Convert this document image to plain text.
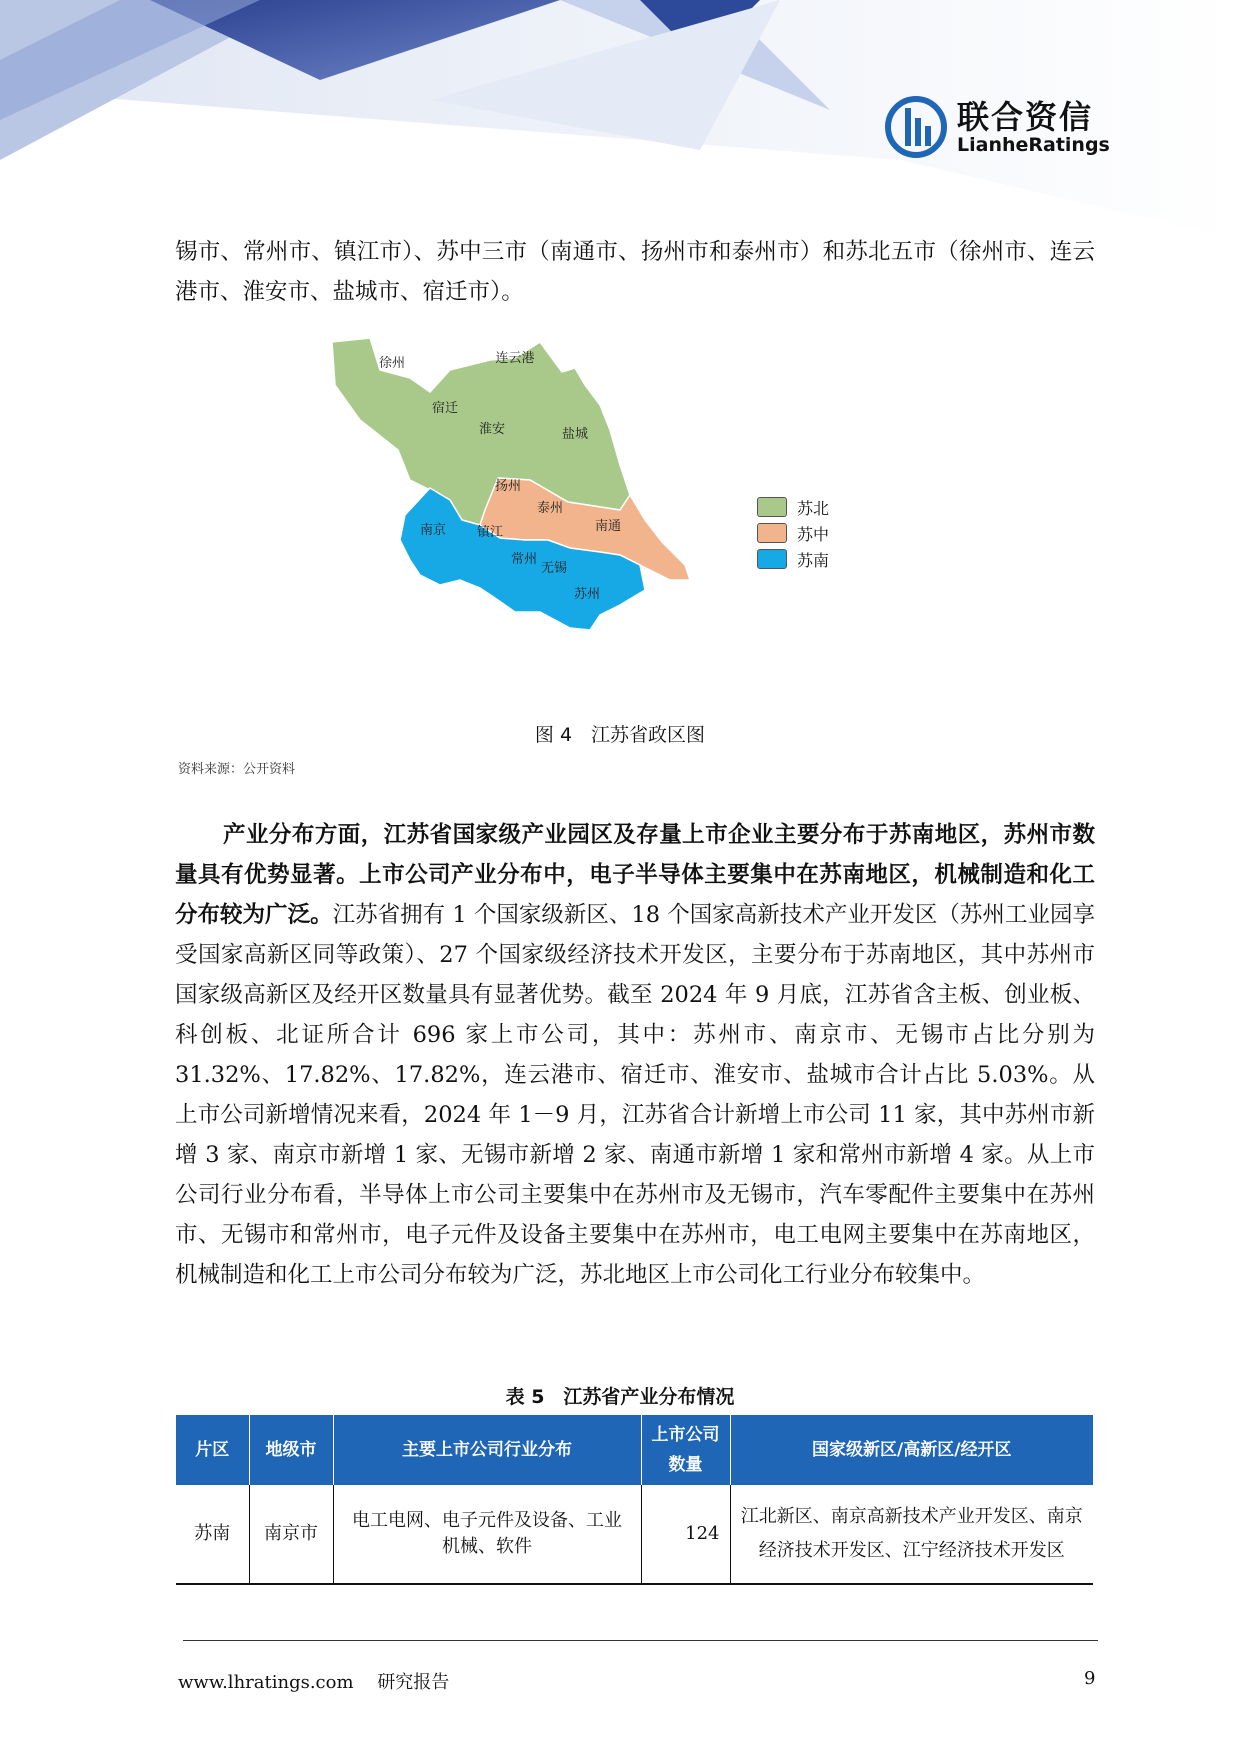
联合资信
LianheRatings
锡市、常州市、镇江市）、苏中三市（南通市、扬州市和泰州市）和苏北五市（徐州市、连云港市、淮安市、盐城市、宿迁市）。
徐州	连云港
宿迁
淮安	盐城
扬州
泰州
南通
南京 镇江
常州
无锡
苏州
苏北
苏中
苏南
图 4　江苏省政区图
资料来源：公开资料
产业分布方面，江苏省国家级产业园区及存量上市企业主要分布于苏南地区，苏州市数量具有优势显著。上市公司产业分布中，电子半导体主要集中在苏南地区，机械制造和化工分布较为广泛。江苏省拥有 1 个国家级新区、18 个国家高新技术产业开发区（苏州工业园享受国家高新区同等政策）、27 个国家级经济技术开发区，主要分布于苏南地区，其中苏州市国家级高新区及经开区数量具有显著优势。截至 2024 年 9 月底，江苏省含主板、创业板、科创板、北证所合计 696 家上市公司，其中：苏州市、南京市、无锡市占比分别为 31.32%、17.82%、17.82%，连云港市、宿迁市、淮安市、盐城市合计占比 5.03%。从上市公司新增情况来看，2024 年 1－9 月，江苏省合计新增上市公司 11 家，其中苏州市新增 3 家、南京市新增 1 家、无锡市新增 2 家、南通市新增 1 家和常州市新增 4 家。从上市公司行业分布看，半导体上市公司主要集中在苏州市及无锡市，汽车零配件主要集中在苏州市、无锡市和常州市，电子元件及设备主要集中在苏州市，电工电网主要集中在苏南地区，机械制造和化工上市公司分布较为广泛，苏北地区上市公司化工行业分布较集中。
表 5　江苏省产业分布情况
片区	地级市	主要上市公司行业分布	上市公司数量	国家级新区/高新区/经开区
苏南	南京市	电工电网、电子元件及设备、工业机械、软件	124	江北新区、南京高新技术产业开发区、南京经济技术开发区、江宁经济技术开发区
www.lhratings.com 研究报告	9
